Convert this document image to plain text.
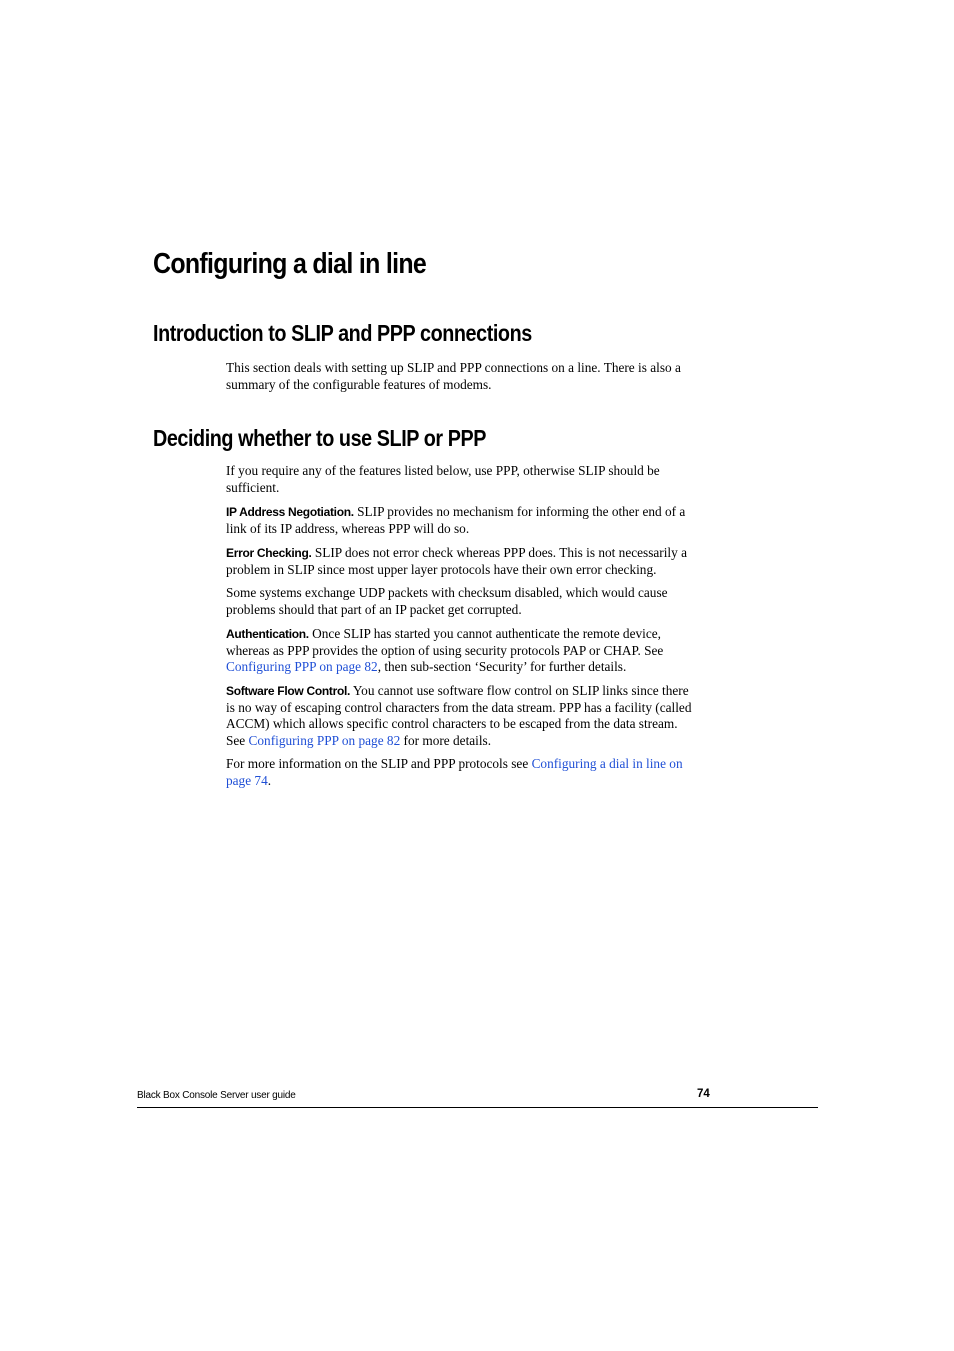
Configuring a dial in line
Introduction to SLIP and PPP connections
This section deals with setting up SLIP and PPP connections on a line. There is also a summary of the configurable features of modems.
Deciding whether to use SLIP or PPP
If you require any of the features listed below, use PPP, otherwise SLIP should be sufficient.
IP Address Negotiation. SLIP provides no mechanism for informing the other end of a link of its IP address, whereas PPP will do so.
Error Checking. SLIP does not error check whereas PPP does. This is not necessarily a problem in SLIP since most upper layer protocols have their own error checking.
Some systems exchange UDP packets with checksum disabled, which would cause problems should that part of an IP packet get corrupted.
Authentication. Once SLIP has started you cannot authenticate the remote device, whereas as PPP provides the option of using security protocols PAP or CHAP. See Configuring PPP on page 82, then sub-section ‘Security’ for further details.
Software Flow Control. You cannot use software flow control on SLIP links since there is no way of escaping control characters from the data stream. PPP has a facility (called ACCM) which allows specific control characters to be escaped from the data stream. See Configuring PPP on page 82 for more details.
For more information on the SLIP and PPP protocols see Configuring a dial in line on page 74.
Black Box Console Server user guide	74
